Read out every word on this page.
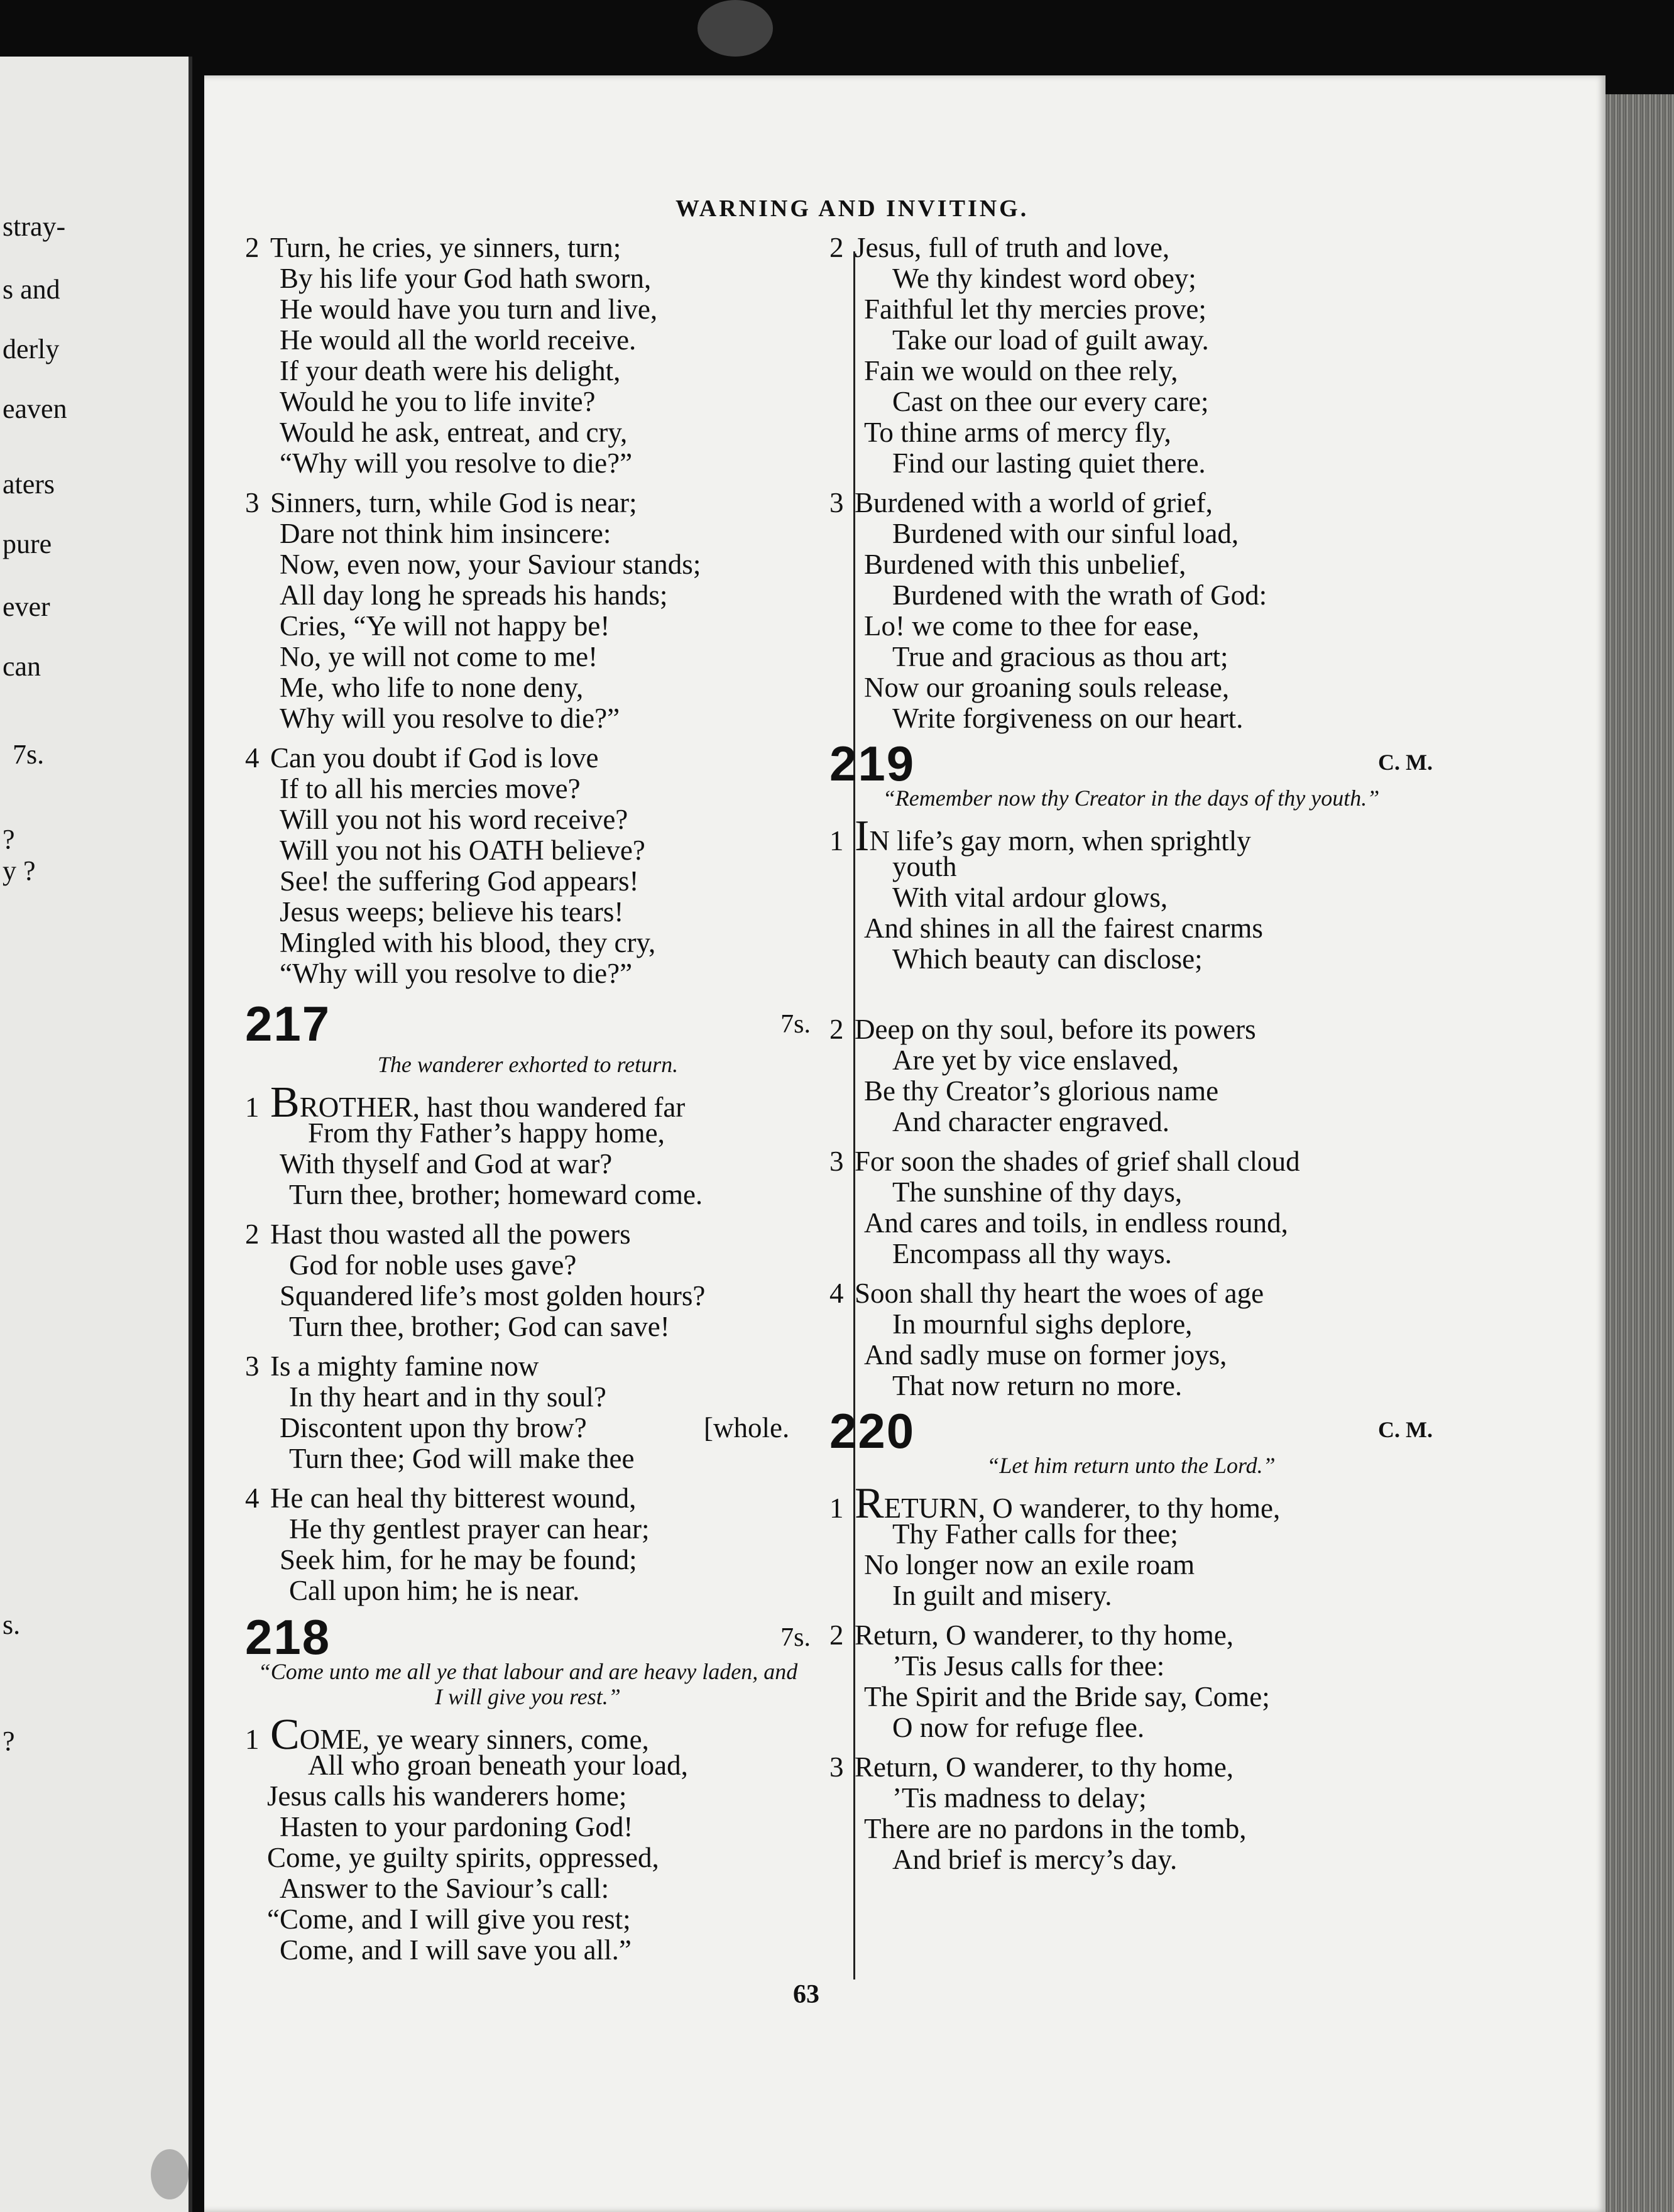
stray-
s and
derly
eaven
aters
pure
ever
can
7s.
?
y ?
s.
?
WARNING AND INVITING.
2 Turn, he cries, ye sinners, turn;
By his life your God hath sworn,
He would have you turn and live,
He would all the world receive.
If your death were his delight,
Would he you to life invite?
Would he ask, entreat, and cry,
“Why will you resolve to die?”
3 Sinners, turn, while God is near;
Dare not think him insincere:
Now, even now, your Saviour stands;
All day long he spreads his hands;
Cries, “Ye will not happy be!
No, ye will not come to me!
Me, who life to none deny,
Why will you resolve to die?”
4 Can you doubt if God is love
If to all his mercies move?
Will you not his word receive?
Will you not his OATH believe?
See! the suffering God appears!
Jesus weeps; believe his tears!
Mingled with his blood, they cry,
“Why will you resolve to die?”
217	7s.
The wanderer exhorted to return.
1 BROTHER, hast thou wandered far
From thy Father’s happy home,
With thyself and God at war?
Turn thee, brother; homeward come.
2 Hast thou wasted all the powers
God for noble uses gave?
Squandered life’s most golden hours?
Turn thee, brother; God can save!
3 Is a mighty famine now
In thy heart and in thy soul?
Discontent upon thy brow?	[whole.
Turn thee; God will make thee
4 He can heal thy bitterest wound,
He thy gentlest prayer can hear;
Seek him, for he may be found;
Call upon him; he is near.
218	7s.
“Come unto me all ye that labour and are heavy laden, and I will give you rest.”
1 COME, ye weary sinners, come,
All who groan beneath your load,
Jesus calls his wanderers home;
Hasten to your pardoning God!
Come, ye guilty spirits, oppressed,
Answer to the Saviour’s call:
“Come, and I will give you rest;
Come, and I will save you all.”
2 Jesus, full of truth and love,
We thy kindest word obey;
Faithful let thy mercies prove;
Take our load of guilt away.
Fain we would on thee rely,
Cast on thee our every care;
To thine arms of mercy fly,
Find our lasting quiet there.
3 Burdened with a world of grief,
Burdened with our sinful load,
Burdened with this unbelief,
Burdened with the wrath of God:
Lo! we come to thee for ease,
True and gracious as thou art;
Now our groaning souls release,
Write forgiveness on our heart.
219	C. M.
“Remember now thy Creator in the days of thy youth.”
1 IN life’s gay morn, when sprightly
youth
With vital ardour glows,
And shines in all the fairest cnarms
Which beauty can disclose;
2 Deep on thy soul, before its powers
Are yet by vice enslaved,
Be thy Creator’s glorious name
And character engraved.
3 For soon the shades of grief shall cloud
The sunshine of thy days,
And cares and toils, in endless round,
Encompass all thy ways.
4 Soon shall thy heart the woes of age
In mournful sighs deplore,
And sadly muse on former joys,
That now return no more.
220	C. M.
“Let him return unto the Lord.”
1 RETURN, O wanderer, to thy home,
Thy Father calls for thee;
No longer now an exile roam
In guilt and misery.
2 Return, O wanderer, to thy home,
’Tis Jesus calls for thee:
The Spirit and the Bride say, Come;
O now for refuge flee.
3 Return, O wanderer, to thy home,
’Tis madness to delay;
There are no pardons in the tomb,
And brief is mercy’s day.
63
